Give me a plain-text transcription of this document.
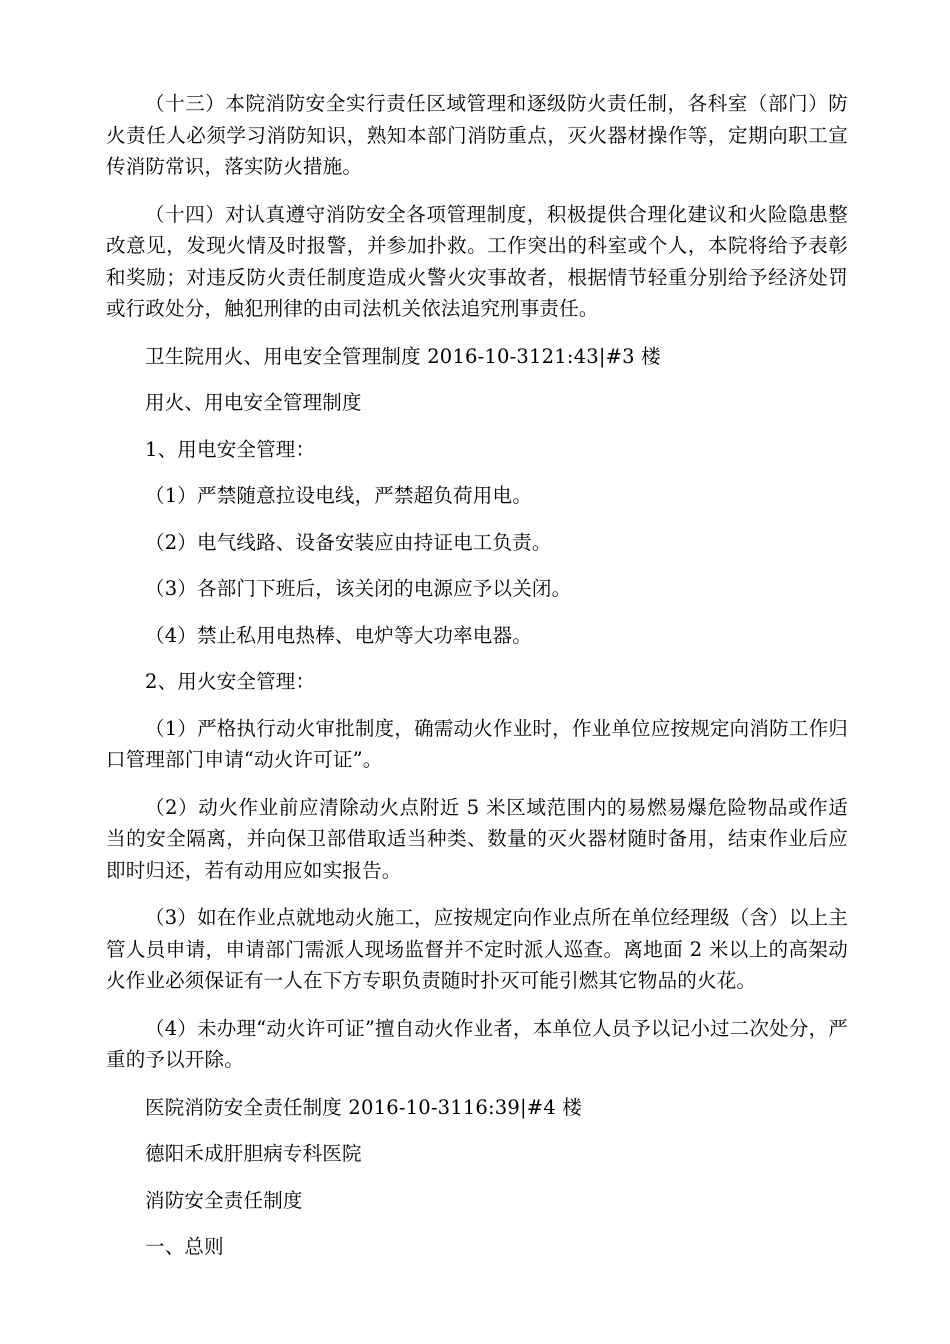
（十三）本院消防安全实行责任区域管理和逐级防火责任制，各科室（部门）防火责任人必须学习消防知识，熟知本部门消防重点，灭火器材操作等，定期向职工宣传消防常识，落实防火措施。

（十四）对认真遵守消防安全各项管理制度，积极提供合理化建议和火险隐患整改意见，发现火情及时报警，并参加扑救。工作突出的科室或个人，本院将给予表彰和奖励；对违反防火责任制度造成火警火灾事故者，根据情节轻重分别给予经济处罚或行政处分，触犯刑律的由司法机关依法追究刑事责任。

卫生院用火、用电安全管理制度 2016-10-3121:43|#3 楼

用火、用电安全管理制度

1、用电安全管理：

（1）严禁随意拉设电线，严禁超负荷用电。

（2）电气线路、设备安装应由持证电工负责。

（3）各部门下班后，该关闭的电源应予以关闭。

（4）禁止私用电热棒、电炉等大功率电器。

2、用火安全管理：

（1）严格执行动火审批制度，确需动火作业时，作业单位应按规定向消防工作归口管理部门申请“动火许可证”。

（2）动火作业前应清除动火点附近 5 米区域范围内的易燃易爆危险物品或作适当的安全隔离，并向保卫部借取适当种类、数量的灭火器材随时备用，结束作业后应即时归还，若有动用应如实报告。

（3）如在作业点就地动火施工，应按规定向作业点所在单位经理级（含）以上主管人员申请，申请部门需派人现场监督并不定时派人巡查。离地面 2 米以上的高架动火作业必须保证有一人在下方专职负责随时扑灭可能引燃其它物品的火花。

（4）未办理“动火许可证”擅自动火作业者，本单位人员予以记小过二次处分，严重的予以开除。

医院消防安全责任制度 2016-10-3116:39|#4 楼

德阳禾成肝胆病专科医院

消防安全责任制度

一、总则
